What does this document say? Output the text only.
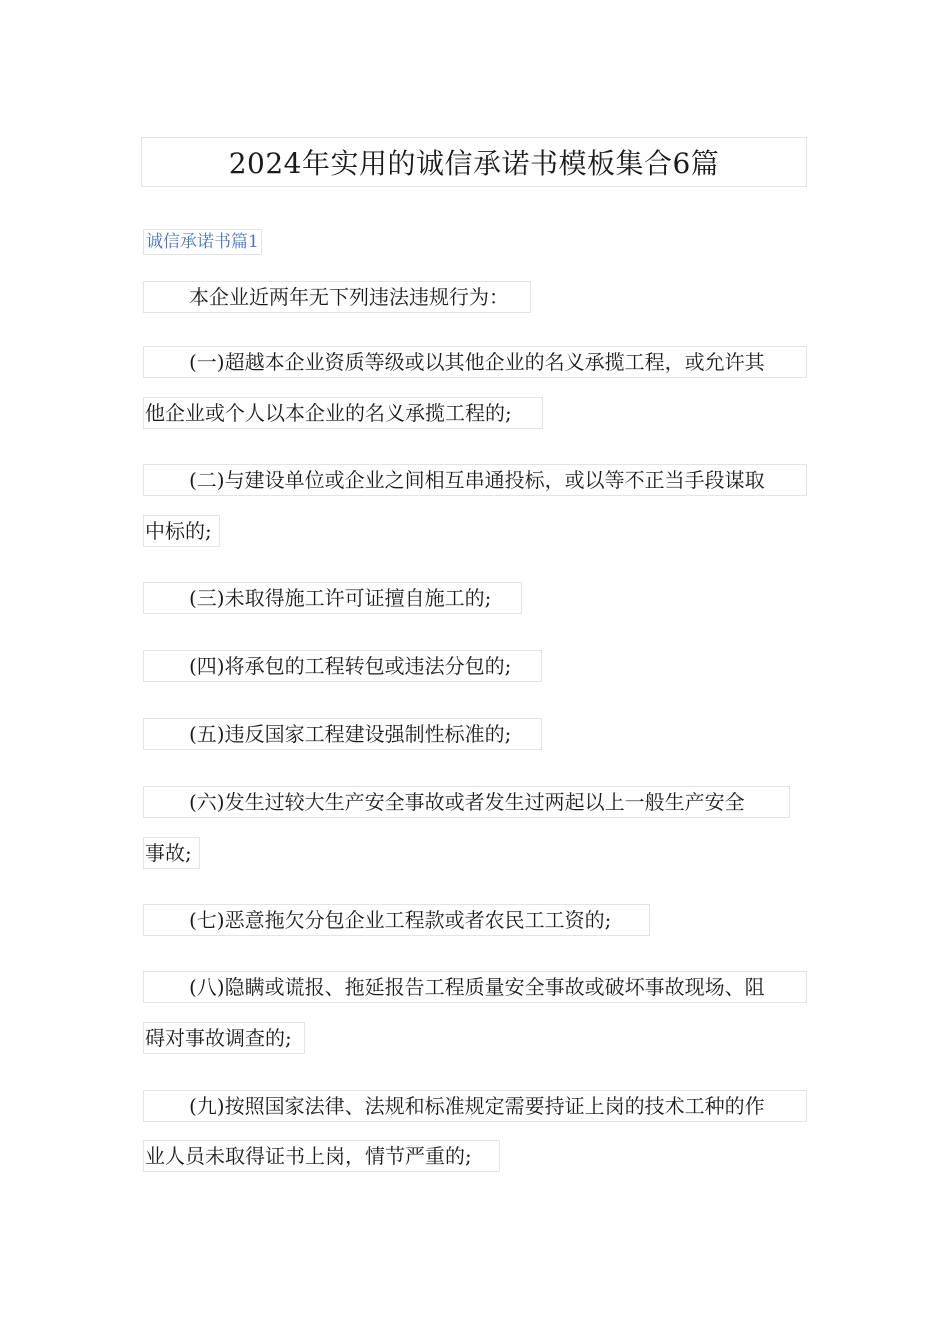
2024年实用的诚信承诺书模板集合6篇
诚信承诺书篇1
本企业近两年无下列违法违规行为：
(一)超越本企业资质等级或以其他企业的名义承揽工程，或允许其
他企业或个人以本企业的名义承揽工程的;
(二)与建设单位或企业之间相互串通投标，或以等不正当手段谋取
中标的;
(三)未取得施工许可证擅自施工的;
(四)将承包的工程转包或违法分包的;
(五)违反国家工程建设强制性标准的;
(六)发生过较大生产安全事故或者发生过两起以上一般生产安全
事故;
(七)恶意拖欠分包企业工程款或者农民工工资的;
(八)隐瞒或谎报、拖延报告工程质量安全事故或破坏事故现场、阻
碍对事故调查的;
(九)按照国家法律、法规和标准规定需要持证上岗的技术工种的作
业人员未取得证书上岗，情节严重的;
